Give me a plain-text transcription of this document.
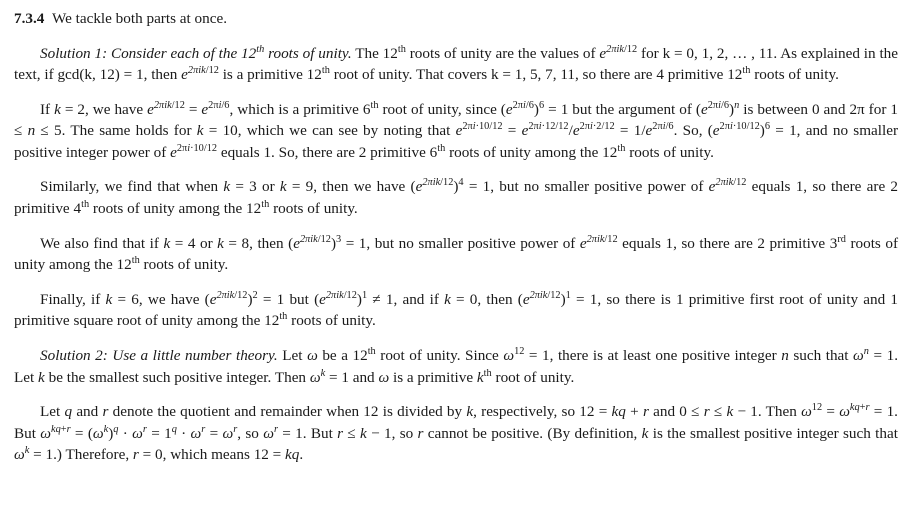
7.3.4 We tackle both parts at once.

Solution 1: Consider each of the 12th roots of unity. The 12th roots of unity are the values of $e^{2\pi ik/12}$ for k = 0, 1, 2, … , 11. As explained in the text, if gcd(k, 12) = 1, then $e^{2\pi ik/12}$ is a primitive 12th root of unity. That covers k = 1, 5, 7, 11, so there are 4 primitive 12th roots of unity.

If k = 2, we have $e^{2\pi ik/12} = e^{2\pi i/6}$, which is a primitive 6th root of unity, since $(e^{2\pi i/6})^6 = 1$ but the argument of $(e^{2\pi i/6})^n$ is between 0 and 2π for 1 ≤ n ≤ 5. The same holds for k = 10, which we can see by noting that $e^{2\pi i\cdot 10/12} = e^{2\pi i\cdot 12/12}/e^{2\pi i\cdot 2/12} = 1/e^{2\pi i/6}$. So, $(e^{2\pi i\cdot 10/12})^6 = 1$, and no smaller positive integer power of $e^{2\pi i\cdot 10/12}$ equals 1. So, there are 2 primitive 6th roots of unity among the 12th roots of unity.

Similarly, we find that when k = 3 or k = 9, then we have $(e^{2\pi ik/12})^4 = 1$, but no smaller positive power of $e^{2\pi ik/12}$ equals 1, so there are 2 primitive 4th roots of unity among the 12th roots of unity.

We also find that if k = 4 or k = 8, then $(e^{2\pi ik/12})^3 = 1$, but no smaller positive power of $e^{2\pi ik/12}$ equals 1, so there are 2 primitive 3rd roots of unity among the 12th roots of unity.

Finally, if k = 6, we have $(e^{2\pi ik/12})^2 = 1$ but $(e^{2\pi ik/12})^1 \ne 1$, and if k = 0, then $(e^{2\pi ik/12})^1 = 1$, so there is 1 primitive first root of unity and 1 primitive square root of unity among the 12th roots of unity.

Solution 2: Use a little number theory. Let ω be a 12th root of unity. Since $\omega^{12} = 1$, there is at least one positive integer n such that $\omega^n = 1$. Let k be the smallest such positive integer. Then $\omega^k = 1$ and ω is a primitive $k^{th}$ root of unity.

Let q and r denote the quotient and remainder when 12 is divided by k, respectively, so 12 = kq + r and 0 ≤ r ≤ k − 1. Then $\omega^{12} = \omega^{kq+r} = 1$. But $\omega^{kq+r} = (\omega^k)^q \cdot \omega^r = 1^q \cdot \omega^r = \omega^r$, so $\omega^r = 1$. But r ≤ k − 1, so r cannot be positive. (By definition, k is the smallest positive integer such that $\omega^k = 1$.) Therefore, r = 0, which means 12 = kq.
